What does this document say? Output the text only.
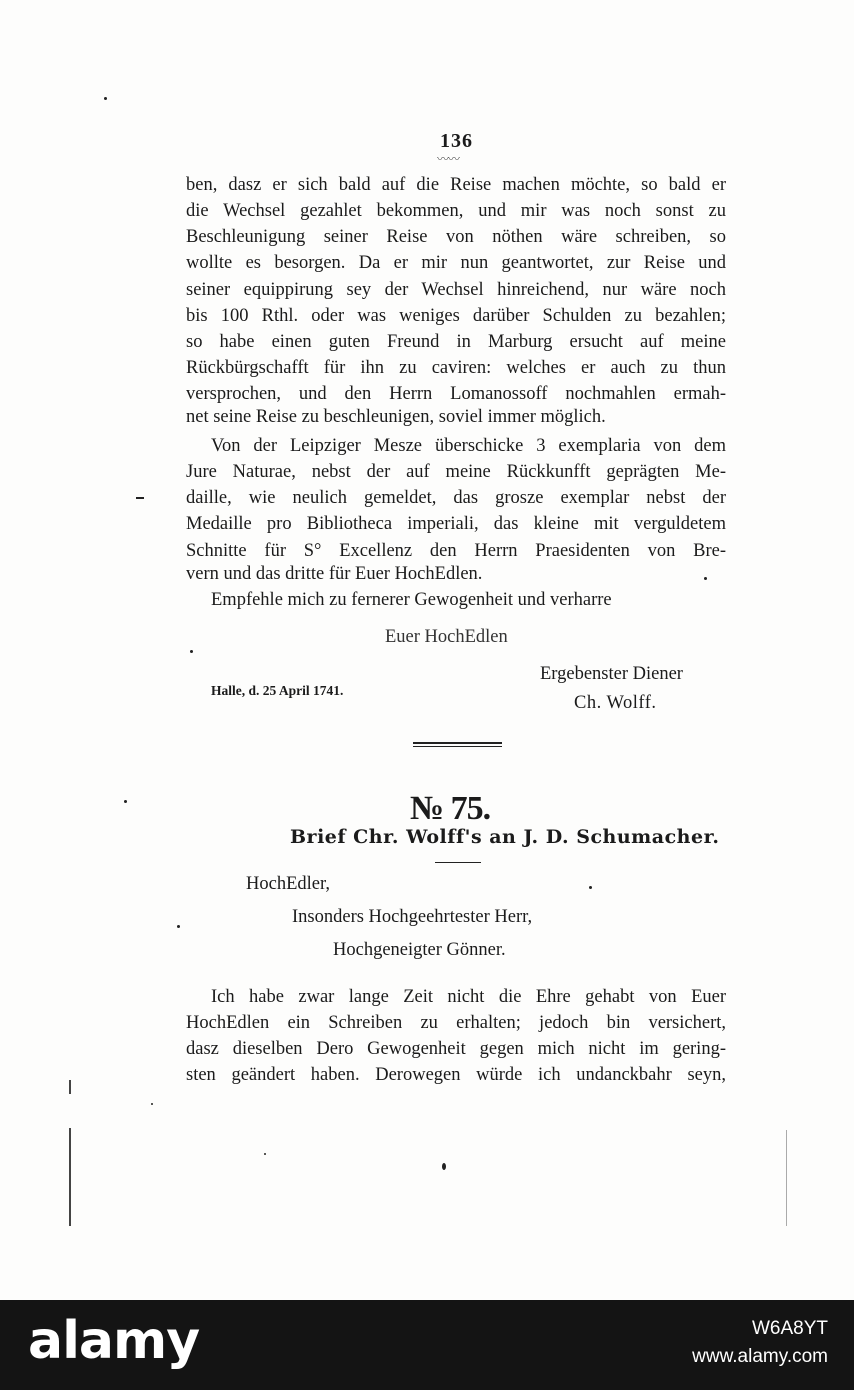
136
〰〰
ben, dasz er sich bald auf die Reise machen möchte, so bald er
die Wechsel gezahlet bekommen, und mir was noch sonst zu
Beschleunigung seiner Reise von nöthen wäre schreiben, so
wollte es besorgen. Da er mir nun geantwortet, zur Reise und
seiner equippirung sey der Wechsel hinreichend, nur wäre noch
bis 100 Rthl. oder was weniges darüber Schulden zu bezahlen;
so habe einen guten Freund in Marburg ersucht auf meine
Rückbürgschafft für ihn zu caviren: welches er auch zu thun
versprochen, und den Herrn Lomanossoff nochmahlen ermah-
net seine Reise zu beschleunigen, soviel immer möglich.
Von der Leipziger Mesze überschicke 3 exemplaria von dem
Jure Naturae, nebst der auf meine Rückkunfft geprägten Me-
daille, wie neulich gemeldet, das grosze exemplar nebst der
Medaille pro Bibliotheca imperiali, das kleine mit verguldetem
Schnitte für S° Excellenz den Herrn Praesidenten von Bre-
vern und das dritte für Euer HochEdlen.
Empfehle mich zu fernerer Gewogenheit und verharre
Euer HochEdlen
Ergebenster Diener
Ch. Wolff.
Halle, d. 25 April 1741.
№ 75.
Brief Chr. Wolff's an J. D. Schumacher.
HochEdler,
Insonders Hochgeehrtester Herr,
Hochgeneigter Gönner.
Ich habe zwar lange Zeit nicht die Ehre gehabt von Euer
HochEdlen ein Schreiben zu erhalten; jedoch bin versichert,
dasz dieselben Dero Gewogenheit gegen mich nicht im gering-
sten geändert haben. Derowegen würde ich undanckbahr seyn,
alamy	W6A8YT
www.alamy.com
